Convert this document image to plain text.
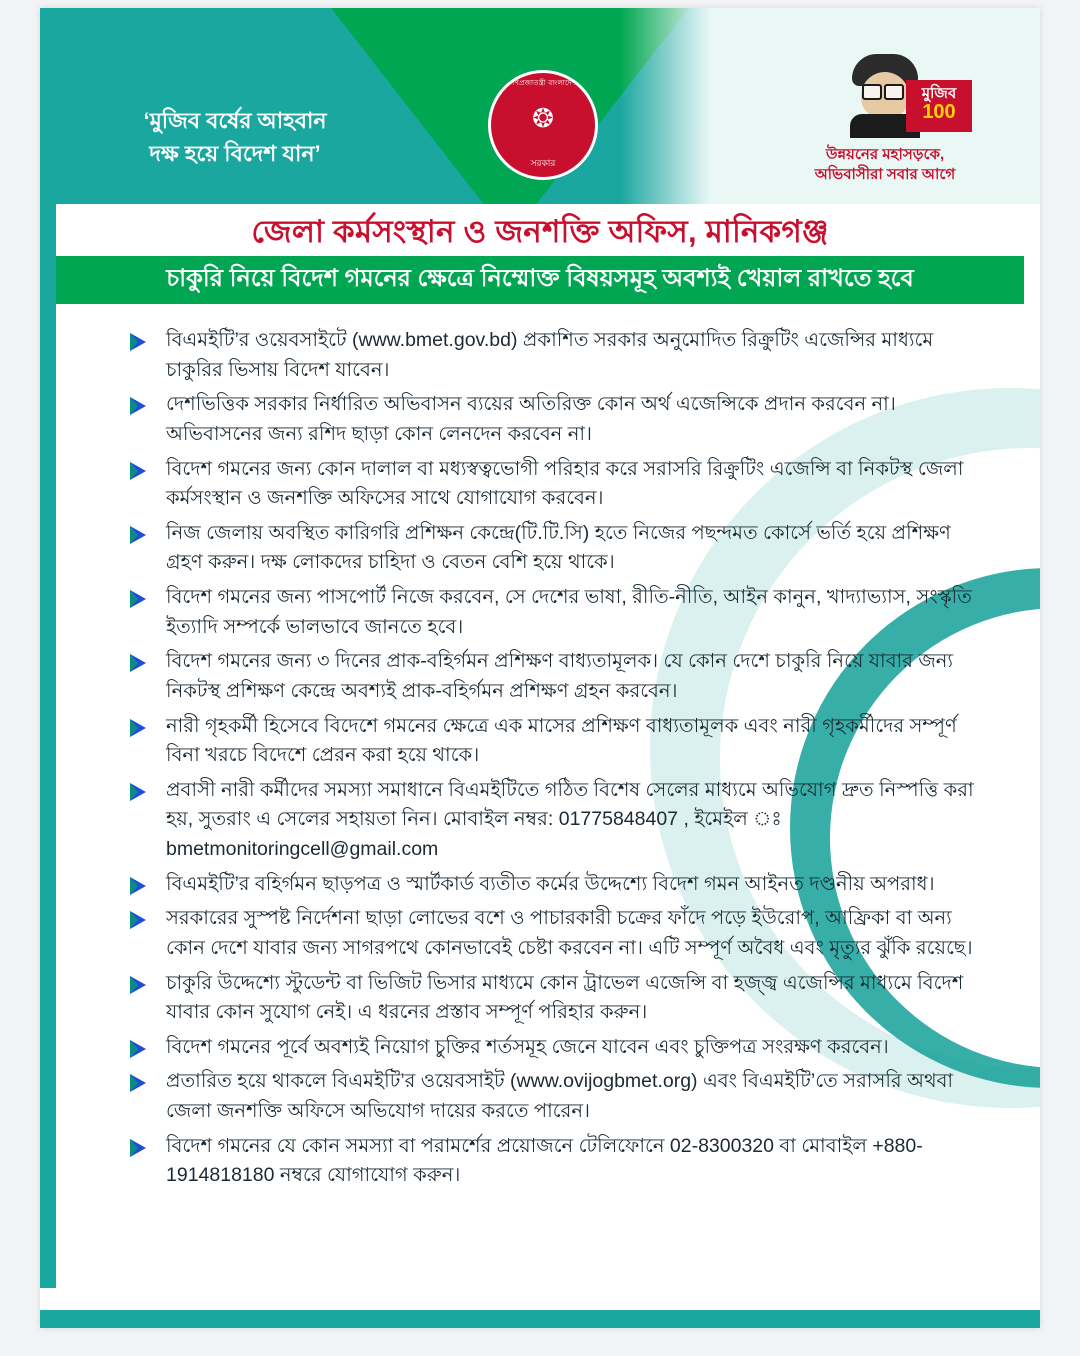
‘মুজিব বর্ষের আহবান
দক্ষ হয়ে বিদেশ যান’
গণপ্রজাতন্ত্রী বাংলাদেশ
❂
সরকার
মুজিব
100
উন্নয়নের মহাসড়কে,
অভিবাসীরা সবার আগে
জেলা কর্মসংস্থান ও জনশক্তি অফিস, মানিকগঞ্জ
চাকুরি নিয়ে বিদেশ গমনের ক্ষেত্রে নিম্মোক্ত বিষয়সমূহ অবশ্যই খেয়াল রাখতে হবে

বিএমইটি’র ওয়েবসাইটে (www.bmet.gov.bd) প্রকাশিত সরকার অনুমোদিত রিক্রুটিং এজেন্সির মাধ্যমে চাকুরির ভিসায় বিদেশ যাবেন।

দেশভিত্তিক সরকার নির্ধারিত অভিবাসন ব্যয়ের অতিরিক্ত কোন অর্থ এজেন্সিকে প্রদান করবেন না। অভিবাসনের জন্য রশিদ ছাড়া কোন লেনদেন করবেন না।

বিদেশ গমনের জন্য কোন দালাল বা মধ্যস্বত্বভোগী পরিহার করে সরাসরি রিক্রুটিং এজেন্সি বা নিকটস্থ জেলা কর্মসংস্থান ও জনশক্তি অফিসের সাথে যোগাযোগ করবেন।

নিজ জেলায় অবস্থিত কারিগরি প্রশিক্ষন কেন্দ্রে(টি.টি.সি) হতে নিজের পছন্দমত কোর্সে ভর্তি হয়ে প্রশিক্ষণ গ্রহণ করুন। দক্ষ লোকদের চাহিদা ও বেতন বেশি হয়ে থাকে।

বিদেশ গমনের জন্য পাসপোর্ট নিজে করবেন, সে দেশের ভাষা, রীতি-নীতি, আইন কানুন, খাদ্যাভ্যাস, সংস্কৃতি ইত্যাদি সম্পর্কে ভালভাবে জানতে হবে।

বিদেশ গমনের জন্য ৩ দিনের প্রাক-বহির্গমন প্রশিক্ষণ বাধ্যতামূলক। যে কোন দেশে চাকুরি নিয়ে যাবার জন্য নিকটস্থ প্রশিক্ষণ কেন্দ্রে অবশ্যই প্রাক-বহির্গমন প্রশিক্ষণ গ্রহন করবেন।

নারী গৃহকর্মী হিসেবে বিদেশে গমনের ক্ষেত্রে এক মাসের প্রশিক্ষণ বাধ্যতামূলক এবং নারী গৃহকর্মীদের সম্পূর্ণ বিনা খরচে বিদেশে প্রেরন করা হয়ে থাকে।

প্রবাসী নারী কর্মীদের সমস্যা সমাধানে বিএমইটিতে গঠিত বিশেষ সেলের মাধ্যমে অভিযোগ দ্রুত নিস্পত্তি করা হয়, সুতরাং এ সেলের সহায়তা নিন। মোবাইল নম্বর: 01775848407 , ইমেইল ঃ bmetmonitoringcell@gmail.com

বিএমইটি’র বহির্গমন ছাড়পত্র ও স্মার্টকার্ড ব্যতীত কর্মের উদ্দেশ্যে বিদেশ গমন আইনত দণ্ডনীয় অপরাধ।

সরকারের সুস্পষ্ট নির্দেশনা ছাড়া লোভের বশে ও পাচারকারী চক্রের ফাঁদে পড়ে ইউরোপ, আফ্রিকা বা অন্য কোন দেশে যাবার জন্য সাগরপথে কোনভাবেই চেষ্টা করবেন না। এটি সম্পূর্ণ অবৈধ এবং মৃত্যুর ঝুঁকি রয়েছে।

চাকুরি উদ্দেশ্যে স্টুডেন্ট বা ভিজিট ভিসার মাধ্যমে কোন ট্রাভেল এজেন্সি বা হজ্জ্ব এজেন্সির মাধ্যমে বিদেশ যাবার কোন সুযোগ নেই। এ ধরনের প্রস্তাব সম্পূর্ণ পরিহার করুন।

বিদেশ গমনের পূর্বে অবশ্যই নিয়োগ চুক্তির শর্তসমূহ জেনে যাবেন এবং চুক্তিপত্র সংরক্ষণ করবেন।

প্রতারিত হয়ে থাকলে বিএমইটি’র ওয়েবসাইট (www.ovijogbmet.org) এবং বিএমইটি’তে সরাসরি অথবা জেলা জনশক্তি অফিসে অভিযোগ দায়ের করতে পারেন।

বিদেশ গমনের যে কোন সমস্যা বা পরামর্শের প্রয়োজনে টেলিফোনে 02-8300320 বা মোবাইল +880-1914818180 নম্বরে যোগাযোগ করুন।
